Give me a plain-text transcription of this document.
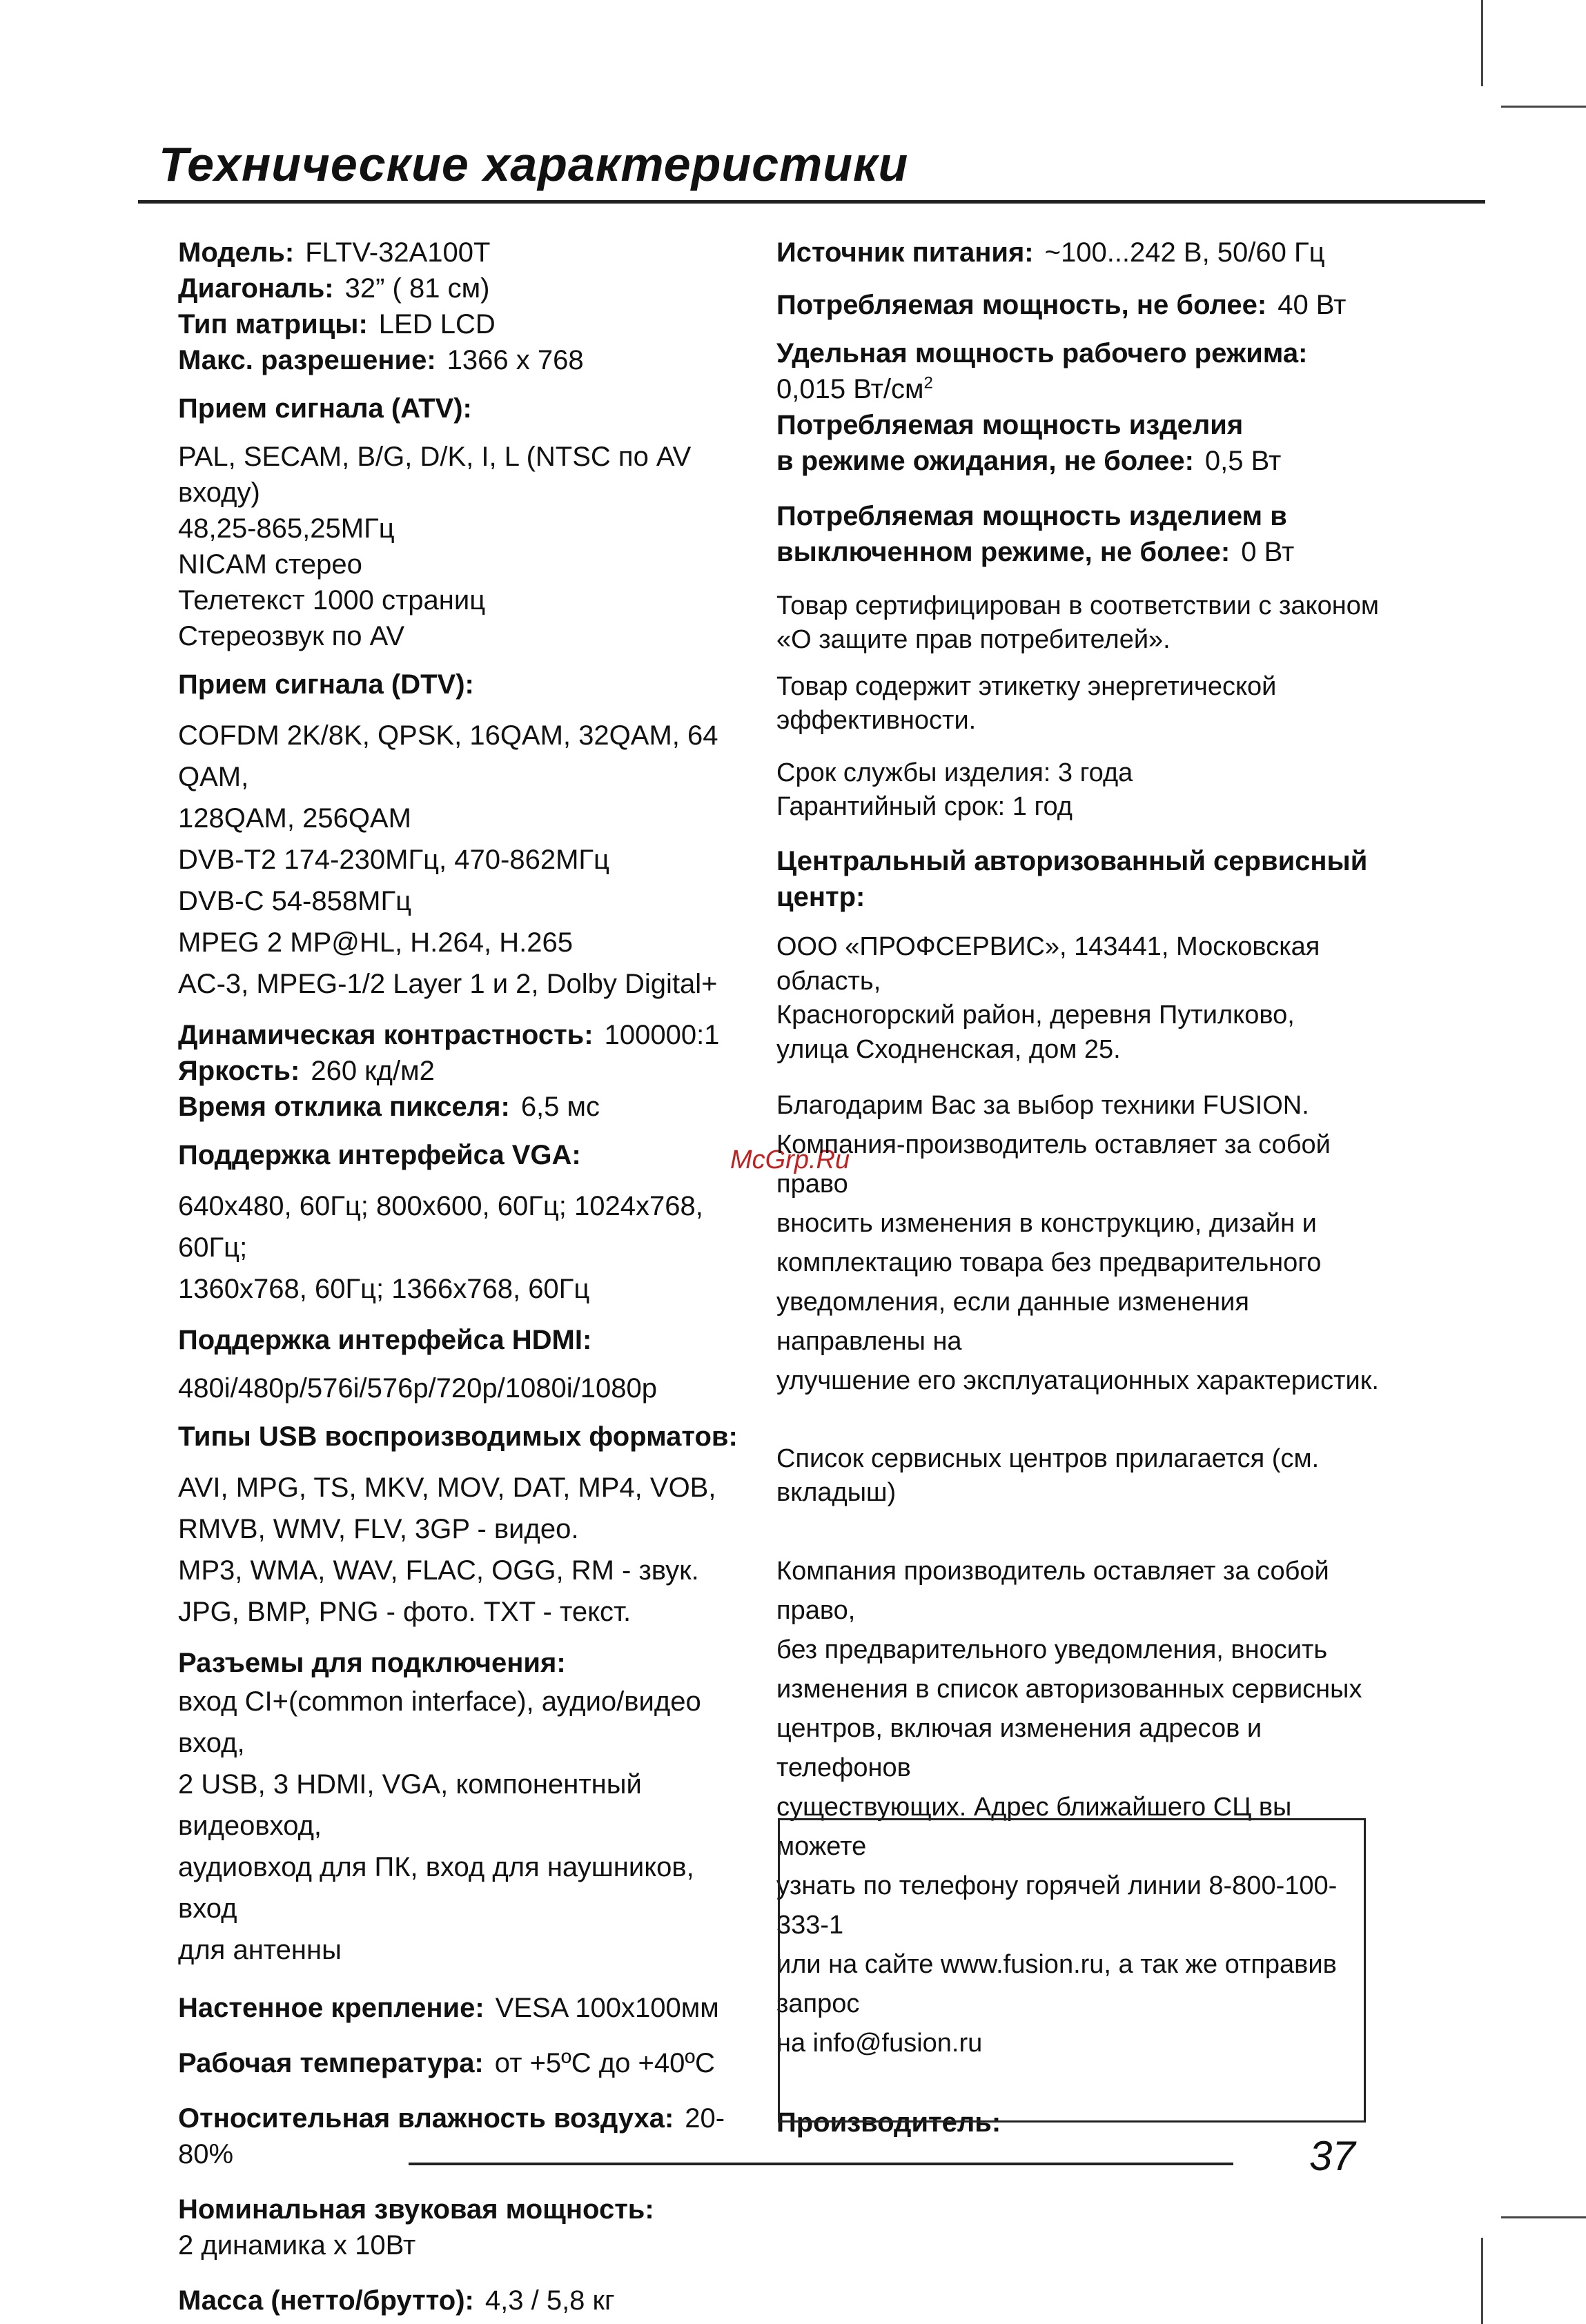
Технические характеристики

Модель: FLTV-32A100T

Диагональ: 32” ( 81 см)

Тип матрицы: LED LCD

Макс. разрешение: 1366 x 768

Прием сигнала (ATV):

PAL, SECAM, B/G, D/K, I, L (NTSC по AV входу)

48,25-865,25МГц

NICAM стерео

Телетекст 1000 страниц

Стереозвук по AV

Прием сигнала (DTV):

COFDM 2K/8K, QPSK, 16QAM, 32QAM, 64 QAM,

128QAM, 256QAM

DVB-T2 174-230МГц, 470-862МГц

DVB-C 54-858МГц

MPEG 2 MP@HL, H.264, H.265

AC-3, MPEG-1/2 Layer 1 и 2, Dolby Digital+

Динамическая контрастность: 100000:1

Яркость: 260 кд/м2

Время отклика пикселя: 6,5 мс

Поддержка интерфейса VGA:

640x480, 60Гц; 800x600, 60Гц; 1024x768, 60Гц;

1360x768, 60Гц; 1366x768, 60Гц

Поддержка интерфейса HDMI:

480i/480p/576i/576p/720p/1080i/1080p

Типы USB воспроизводимых форматов:

AVI, MPG, TS, MKV, MOV, DAT, MP4, VOB,

RMVB, WMV, FLV, 3GP - видео.

MP3, WMA, WAV, FLAC, OGG, RM - звук.

JPG, BMP, PNG - фото. TXT - текст.

Разъемы для подключения:

вход CI+(common interface), аудио/видео вход,

2 USB, 3 HDMI, VGA, компонентный видеовход,

аудиовход для ПК, вход для наушников, вход

для антенны

Настенное крепление: VESA 100x100мм

Рабочая температура: от +5ºC до +40ºC

Относительная влажность воздуха: 20-80%

Номинальная звуковая мощность:

2 динамика x 10Вт

Масса (нетто/брутто): 4,3 / 5,8 кг

McGrp.Ru

Источник питания: ~100...242 В, 50/60 Гц

Потребляемая мощность, не более: 40 Вт

Удельная мощность рабочего режима:

0,015 $Вт/см^2$

Потребляемая мощность изделия

в режиме ожидания, не более: 0,5 Вт

Потребляемая мощность изделием в

выключенном режиме, не более: 0 Вт

Товар сертифицирован в соответствии с законом

«О защите прав потребителей».

Товар содержит этикетку энергетической эффективности.

Срок службы изделия: 3 года

Гарантийный срок: 1 год

Центральный авторизованный сервисный

центр:

ООО «ПРОФСЕРВИС», 143441, Московская область,

Красногорский район, деревня Путилково,

улица Сходненская, дом 25.

Благодарим Вас за выбор техники FUSION.

Компания-производитель оставляет за собой право

вносить изменения в конструкцию, дизайн и

комплектацию товара без предварительного

уведомления, если данные изменения направлены на

улучшение его эксплуатационных характеристик.

Список сервисных центров прилагается (см. вкладыш)

Компания производитель оставляет за собой право,

без предварительного уведомления, вносить

изменения в список авторизованных сервисных

центров, включая изменения адресов и телефонов

существующих. Адрес ближайшего СЦ вы можете

узнать по телефону горячей линии 8-800-100-333-1

или на сайте www.fusion.ru, а так же отправив запрос

на info@fusion.ru

Производитель:

37
